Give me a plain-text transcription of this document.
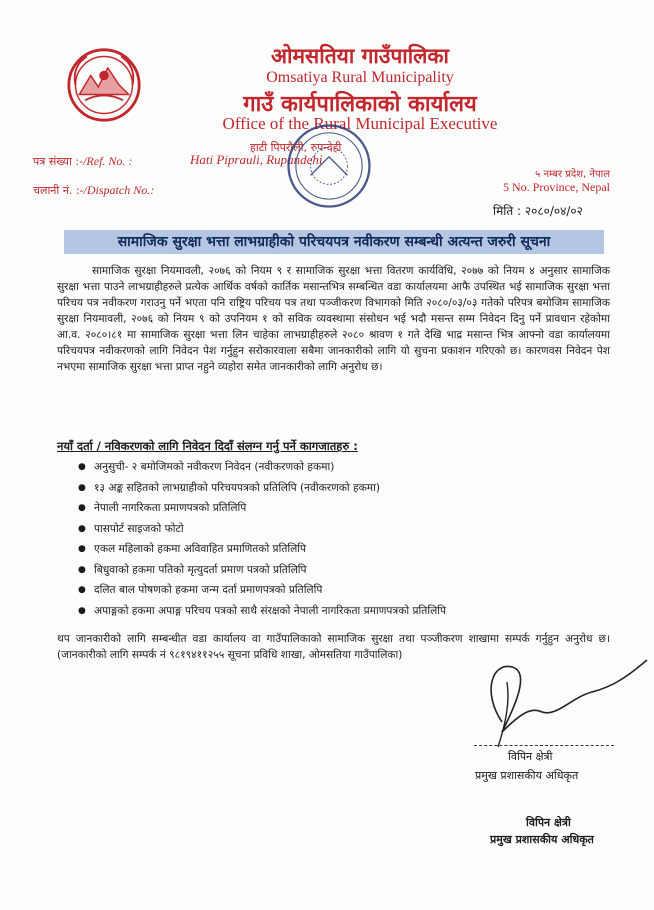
ओमसतिया गाउँपालिका
Omsatiya Rural Municipality
गाउँ कार्यपालिकाको कार्यालय
Office of the Rural Municipal Executive
हाटी पिपरौली, रुपन्देही
Hati Piprauli, Rupandehi
पत्र संख्या :-/Ref. No. :
चलानी नं. :-/Dispatch No.:
५ नम्बर प्रदेश, नेपाल
5 No. Province, Nepal
मिति : २०८०/०४/०२
सामाजिक सुरक्षा भत्ता लाभग्राहीको परिचयपत्र नवीकरण सम्बन्धी अत्यन्त जरुरी सूचना

सामाजिक सुरक्षा नियमावली, २०७६ को नियम ९ र सामाजिक सुरक्षा भत्ता वितरण कार्यविधि, २०७७ को नियम ४ अनुसार सामाजिक सुरक्षा भत्ता पाउने लाभग्राहीहरुले प्रत्येक आर्थिक वर्षको कार्तिक मसान्तभित्र सम्बन्धित वडा कार्यालयमा आफै उपस्थित भई सामाजिक सुरक्षा भत्ता परिचय पत्र नवीकरण गराउनु पर्ने भएता पनि राष्ट्रिय परिचय पत्र तथा पञ्जीकरण विभागको मिति २०८०/०३/०३ गतेको परिपत्र बमोजिम सामाजिक सुरक्षा नियमावली, २०७६ को नियम ९ को उपनियम १ को सविक व्यवस्थामा संसोधन भई भदौ मसन्त सम्म निवेदन दिनु पर्ने प्रावधान रहेकोमा आ.व. २०८०।८१ मा सामाजिक सुरक्षा भत्ता लिन चाहेका लाभग्राहीहरुले २०८० श्रावण १ गते देखि भाद्र मसान्त भित्र आफ्नो वडा कार्यालयमा परिचयपत्र नवीकरणको लागि निवेदन पेश गर्नुहुन सरोकारवाला सबैमा जानकारीको लागि यो सुचना प्रकाशन गरिएको छ। कारणवस निवेदन पेश नभएमा सामाजिक सुरक्षा भत्ता प्राप्त नहुने व्यहोरा समेत जानकारीको लागि अनुरोध छ।

नयाँ दर्ता / नविकरणको लागि निवेदन दिदाँ संलग्न गर्नु पर्ने कागजातहरु :
● अनुसुची- २ बमोजिमको नवीकरण निवेदन (नवीकरणको हकमा)
● १३ अङ्क सहितको लाभग्राहीको परिचयपत्रको प्रतिलिपि (नवीकरणको हकमा)
● नेपाली नागरिकता प्रमाणपत्रको प्रतिलिपि
● पासपोर्ट साइजको फोटो
● एकल महिलाको हकमा अविवाहित प्रमाणितको प्रतिलिपि
● बिधुवाको हकमा पतिको मृत्युदर्ता प्रमाण पत्रको प्रतिलिपि
● दलित बाल पोषणको हकमा जन्म दर्ता प्रमाणपत्रको प्रतिलिपि
● अपाङ्गको हकमा अपाङ्ग परिचय पत्रको साथै संरक्षको नेपाली नागरिकता प्रमाणपत्रको प्रतिलिपि

थप जानकारीको लागि सम्बन्धीत वडा कार्यालय वा गाउँपालिकाको सामाजिक सुरक्षा तथा पञ्जीकरण शाखामा सम्पर्क गर्नुहुन अनुरोध छ। (जानकारीको लागि सम्पर्क नं ९८१९४११२५५ सूचना प्रविधि शाखा, ओमसतिया गाउँपालिका)

विपिन क्षेत्री
प्रमुख प्रशासकीय अधिकृत
विपिन क्षेत्री
प्रमुख प्रशासकीय अधिकृत
